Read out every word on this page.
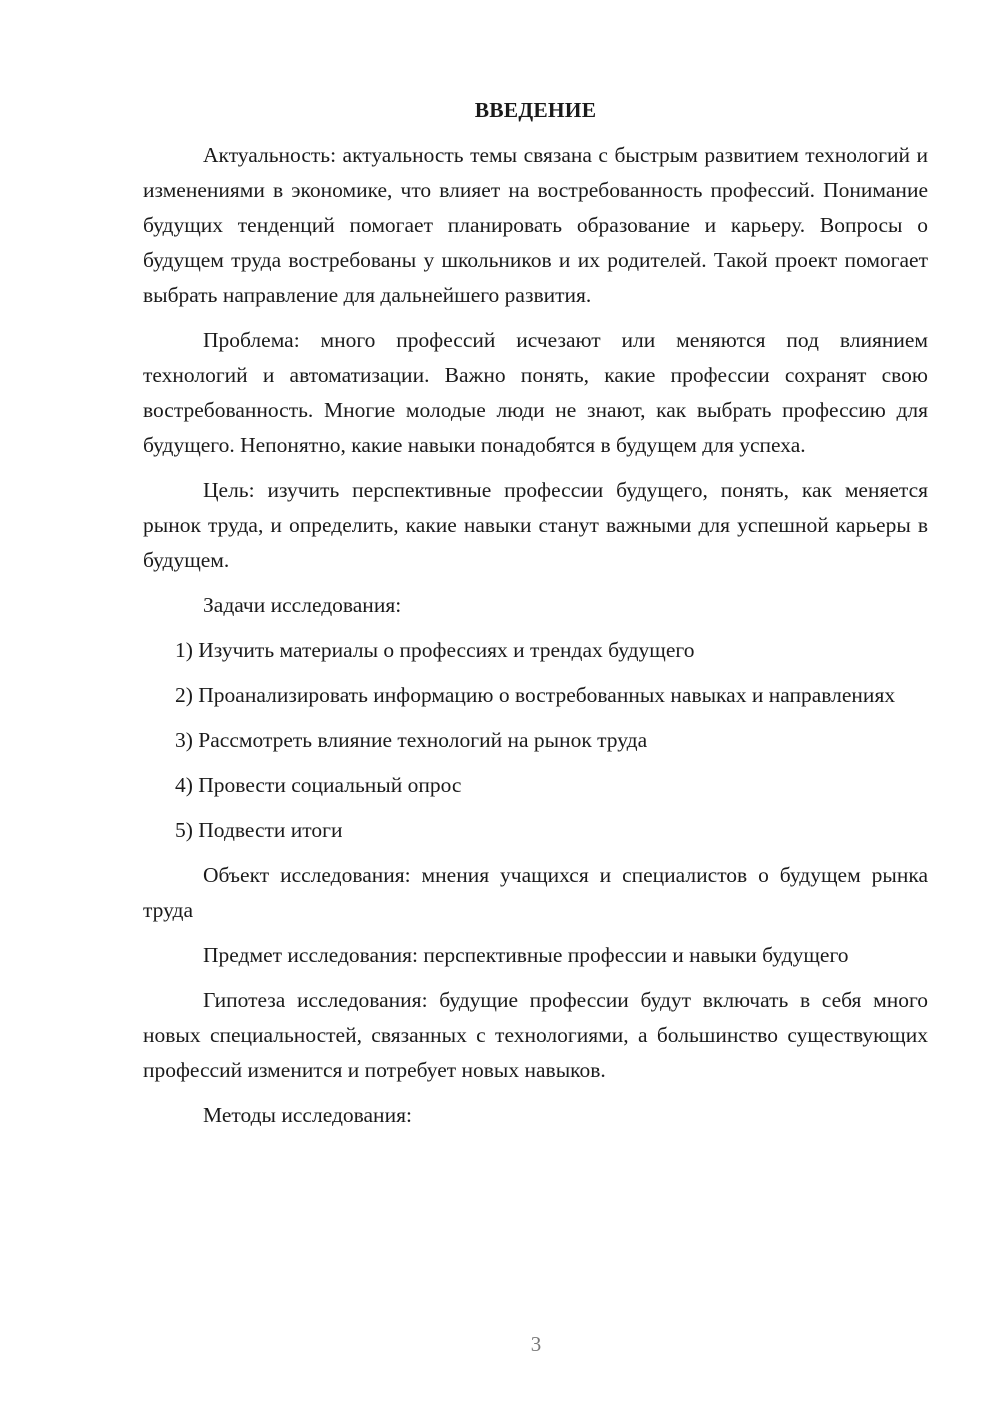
ВВЕДЕНИЕ

Актуальность: актуальность темы связана с быстрым развитием технологий и изменениями в экономике, что влияет на востребованность профессий. Понимание будущих тенденций помогает планировать образование и карьеру. Вопросы о будущем труда востребованы у школьников и их родителей. Такой проект помогает выбрать направление для дальнейшего развития.

Проблема: много профессий исчезают или меняются под влиянием технологий и автоматизации. Важно понять, какие профессии сохранят свою востребованность. Многие молодые люди не знают, как выбрать профессию для будущего. Непонятно, какие навыки понадобятся в будущем для успеха.

Цель: изучить перспективные профессии будущего, понять, как меняется рынок труда, и определить, какие навыки станут важными для успешной карьеры в будущем.

Задачи исследования:

1) Изучить материалы о профессиях и трендах будущего

2) Проанализировать информацию о востребованных навыках и направлениях

3) Рассмотреть влияние технологий на рынок труда

4) Провести социальный опрос

5) Подвести итоги

Объект исследования: мнения учащихся и специалистов о будущем рынка труда

Предмет исследования: перспективные профессии и навыки будущего

Гипотеза исследования: будущие профессии будут включать в себя много новых специальностей, связанных с технологиями, а большинство существующих профессий изменится и потребует новых навыков.

Методы исследования:

3
